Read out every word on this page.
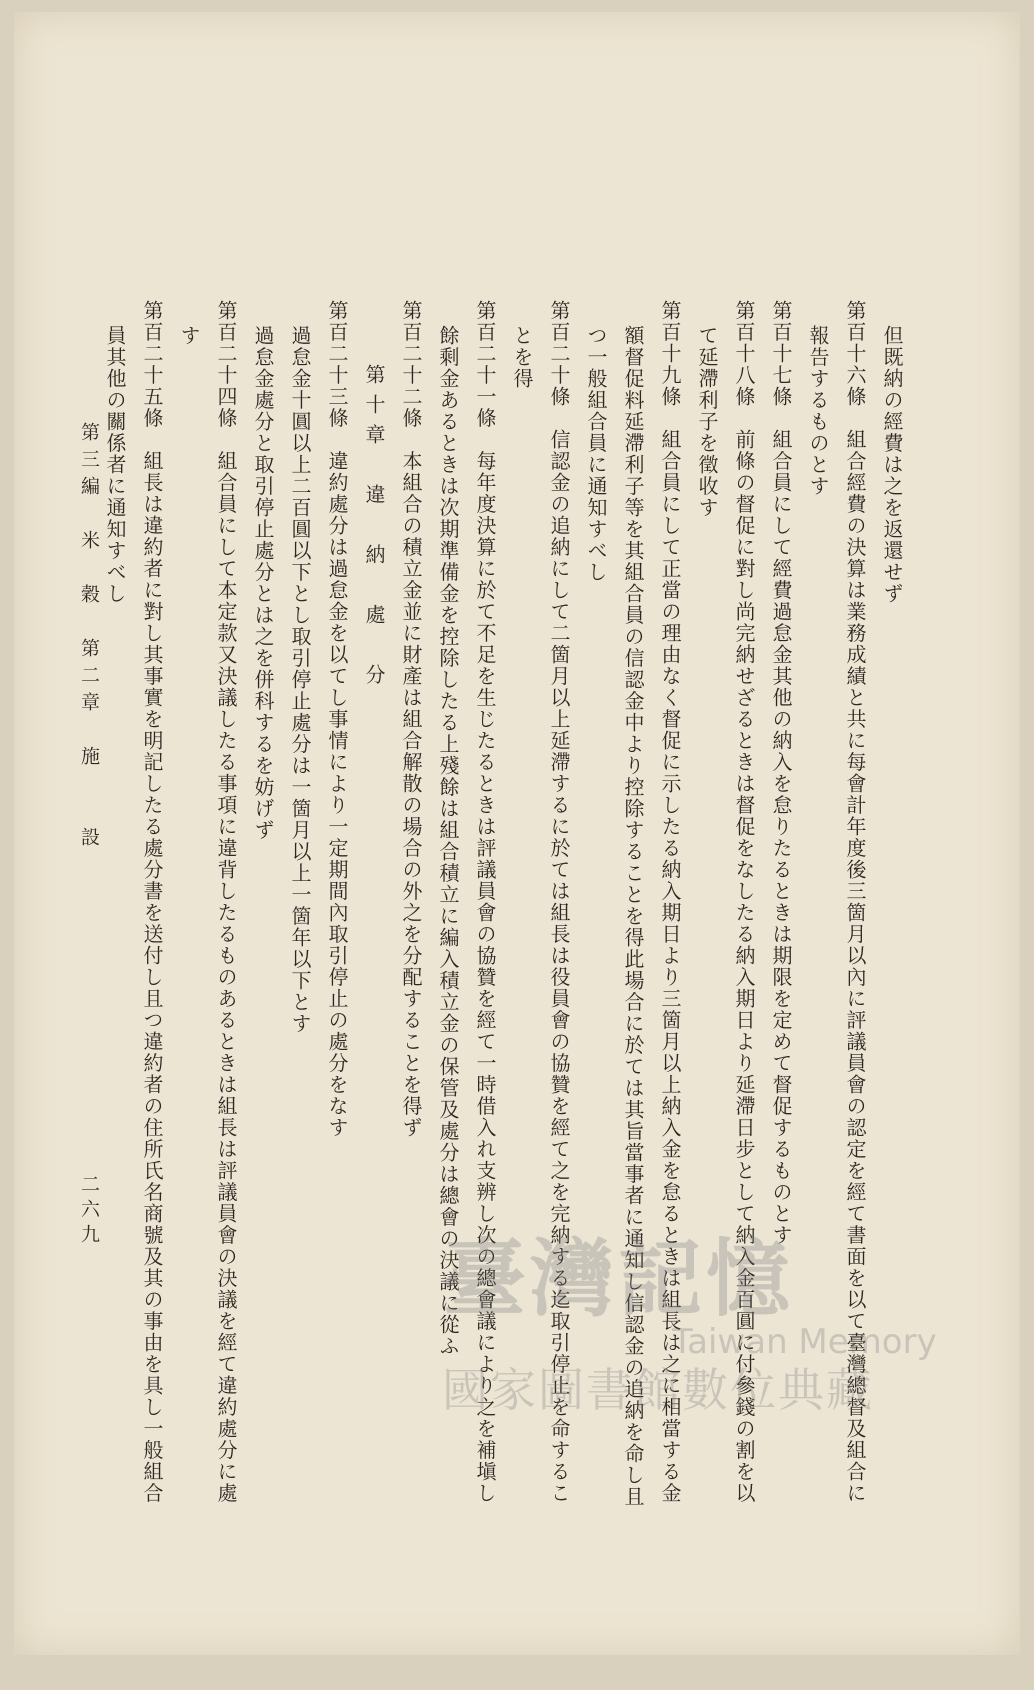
但既納の經費は之を返還せず
第百十六條　組合經費の決算は業務成績と共に每會計年度後三箇月以內に評議員會の認定を經て書面を以て臺灣總督及組合に
報告するものとす
第百十七條　組合員にして經費過怠金其他の納入を怠りたるときは期限を定めて督促するものとす
第百十八條　前條の督促に對し尚完納せざるときは督促をなしたる納入期日より延滯日步として納入金百圓に付參錢の割を以
て延滯利子を徵收す
第百十九條　組合員にして正當の理由なく督促に示したる納入期日より三箇月以上納入金を怠るときは組長は之に相當する金
額督促料延滯利子等を其組合員の信認金中より控除することを得此場合に於ては其旨當事者に通知し信認金の追納を命し且
つ一般組合員に通知すべし
第百二十條　信認金の追納にして二箇月以上延滯するに於ては組長は役員會の協贊を經て之を完納する迄取引停止を命するこ
とを得
第百二十一條　每年度決算に於て不足を生じたるときは評議員會の協贊を經て一時借入れ支辨し次の總會議により之を補塡し
餘剩金あるときは次期準備金を控除したる上殘餘は組合積立に編入積立金の保管及處分は總會の決議に從ふ
第百二十二條　本組合の積立金並に財產は組合解散の場合の外之を分配することを得ず
第十章　違　納　處　分
第百二十三條　違約處分は過怠金を以てし事情により一定期間內取引停止の處分をなす
過怠金十圓以上二百圓以下とし取引停止處分は一箇月以上一箇年以下とす
過怠金處分と取引停止處分とは之を併科するを妨げず
第百二十四條　組合員にして本定款又決議したる事項に違背したるものあるときは組長は評議員會の決議を經て違約處分に處
す
第百二十五條　組長は違約者に對し其事實を明記したる處分書を送付し且つ違約者の住所氏名商號及其の事由を具し一般組合
員其他の關係者に通知すべし
第三編　米　穀　第二章　施　　設
二六九
臺灣記憶
Taiwan Memory
國家圖書館數位典藏
